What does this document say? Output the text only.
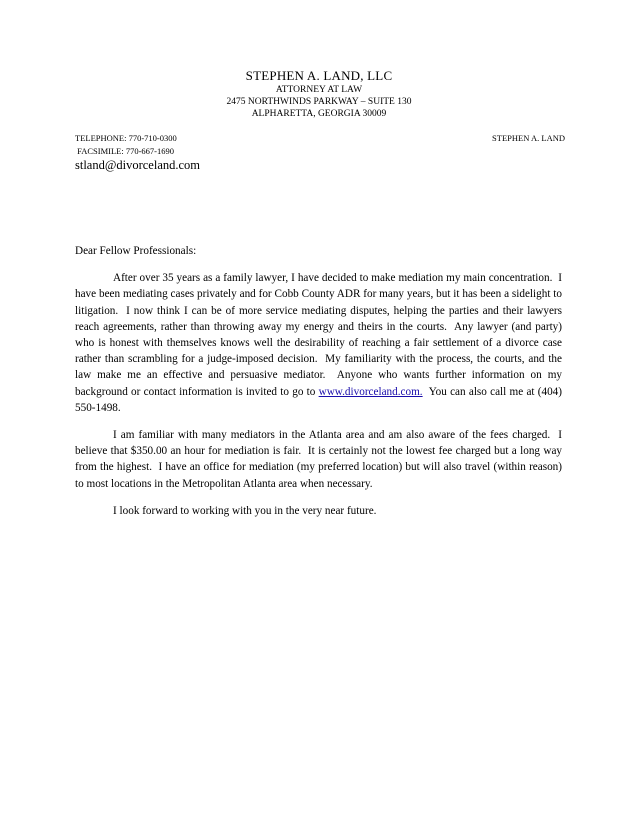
STEPHEN A. LAND, LLC
ATTORNEY AT LAW
2475 NORTHWINDS PARKWAY – SUITE 130
ALPHARETTA, GEORGIA 30009
TELEPHONE: 770-710-0300	STEPHEN A. LAND
FACSIMILE: 770-667-1690
stland@divorceland.com

Dear Fellow Professionals:

After over 35 years as a family lawyer, I have decided to make mediation my main concentration.  I have been mediating cases privately and for Cobb County ADR for many years, but it has been a sidelight to litigation.  I now think I can be of more service mediating disputes, helping the parties and their lawyers reach agreements, rather than throwing away my energy and theirs in the courts.  Any lawyer (and party) who is honest with themselves knows well the desirability of reaching a fair settlement of a divorce case rather than scrambling for a judge-imposed decision.  My familiarity with the process, the courts, and the law make me an effective and persuasive mediator.  Anyone who wants further information on my background or contact information is invited to go to www.divorceland.com.  You can also call me at (404) 550-1498.

I am familiar with many mediators in the Atlanta area and am also aware of the fees charged.  I believe that $350.00 an hour for mediation is fair.  It is certainly not the lowest fee charged but a long way from the highest.  I have an office for mediation (my preferred location) but will also travel (within reason) to most locations in the Metropolitan Atlanta area when necessary.

I look forward to working with you in the very near future.
